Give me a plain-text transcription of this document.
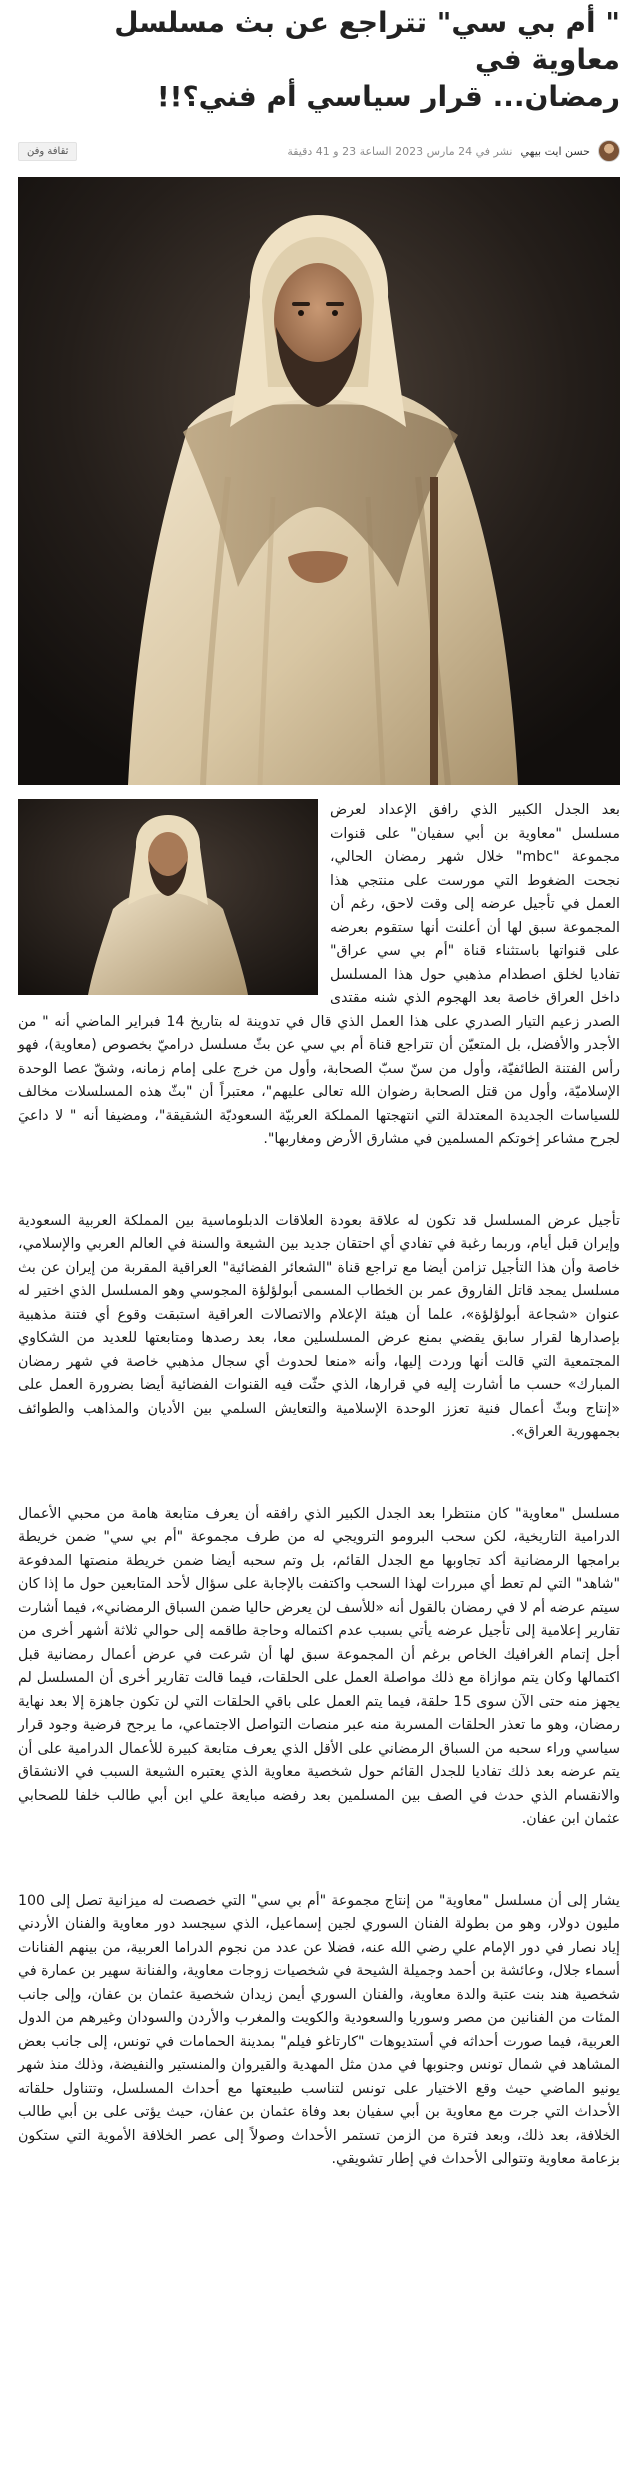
" أم بي سي" تتراجع عن بث مسلسل معاوية في
رمضان... قرار سياسي أم فني؟!!
حسن ايت بيهي
نشر في 24 مارس 2023 الساعة 23 و 41 دقيقة
ثقافة وفن

بعد الجدل الكبير الذي رافق الإعداد لعرض مسلسل "معاوية بن أبي سفيان" على قنوات مجموعة "mbc" خلال شهر رمضان الحالي، نجحت الضغوط التي مورست على منتجي هذا العمل في تأجيل عرضه إلى وقت لاحق، رغم أن المجموعة سبق لها أن أعلنت أنها ستقوم بعرضه على قنواتها باستثناء قناة "أم بي سي عراق" تفاديا لخلق اصطدام مذهبي حول هذا المسلسل داخل العراق خاصة بعد الهجوم الذي شنه مقتدى الصدر زعيم التيار الصدري على هذا العمل الذي قال في تدوينة له بتاريخ 14 فبراير الماضي أنه " من الأجدر والأفضل، بل المتعيّن أن تتراجع قناة أم بي سي عن بثّ مسلسل دراميّ بخصوص (معاوية)، فهو رأس الفتنة الطائفيّة، وأول من سنّ سبّ الصحابة، وأول من خرج على إمام زمانه، وشقّ عصا الوحدة الإسلاميّة، وأول من قتل الصحابة رضوان الله تعالى عليهم"، معتبراً أن "بثّ هذه المسلسلات مخالف للسياسات الجديدة المعتدلة التي انتهجتها المملكة العربيّة السعوديّة الشقيقة"، ومضيفا أنه " لا داعيَ لجرح مشاعر إخوتكم المسلمين في مشارق الأرض ومغاربها".

تأجيل عرض المسلسل قد تكون له علاقة بعودة العلاقات الدبلوماسية بين المملكة العربية السعودية وإيران قبل أيام، وربما رغبة في تفادي أي احتقان جديد بين الشيعة والسنة في العالم العربي والإسلامي، خاصة وأن هذا التأجيل تزامن أيضا مع تراجع قناة "الشعائر الفضائية" العراقية المقربة من إيران عن بث مسلسل يمجد قاتل الفاروق عمر بن الخطاب المسمى أبولؤلؤة المجوسي وهو المسلسل الذي اختير له عنوان «شجاعة أبولؤلؤة»، علما أن هيئة الإعلام والاتصالات العراقية استبقت وقوع أي فتنة مذهبية بإصدارها لقرار سابق يقضي بمنع عرض المسلسلين معا، بعد رصدها ومتابعتها للعديد من الشكاوي المجتمعية التي قالت أنها وردت إليها، وأنه «منعا لحدوث أي سجال مذهبي خاصة في شهر رمضان المبارك» حسب ما أشارت إليه في قرارها، الذي حثّت فيه القنوات الفضائية أيضا بضرورة العمل على «إنتاج وبثّ أعمال فنية تعزز الوحدة الإسلامية والتعايش السلمي بين الأديان والمذاهب والطوائف بجمهورية العراق».

مسلسل "معاوية" كان منتظرا بعد الجدل الكبير الذي رافقه أن يعرف متابعة هامة من محبي الأعمال الدرامية التاريخية، لكن سحب البرومو الترويجي له من طرف مجموعة "أم بي سي" ضمن خريطة برامجها الرمضانية أكد تجاوبها مع الجدل القائم، بل وتم سحبه أيضا ضمن خريطة منصتها المدفوعة "شاهد" التي لم تعط أي مبررات لهذا السحب واكتفت بالإجابة على سؤال لأحد المتابعين حول ما إذا كان سيتم عرضه أم لا في رمضان بالقول أنه «للأسف لن يعرض حاليا ضمن السباق الرمضاني»، فيما أشارت تقارير إعلامية إلى تأجيل عرضه يأتي بسبب عدم اكتماله وحاجة طاقمه إلى حوالي ثلاثة أشهر أخرى من أجل إتمام الغرافيك الخاص برغم أن المجموعة سبق لها أن شرعت في عرض أعمال رمضانية قبل اكتمالها وكان يتم موازاة مع ذلك مواصلة العمل على الحلقات، فيما قالت تقارير أخرى أن المسلسل لم يجهز منه حتى الآن سوى 15 حلقة، فيما يتم العمل على باقي الحلقات التي لن تكون جاهزة إلا بعد نهاية رمضان، وهو ما تعذر الحلقات المسربة منه عبر منصات التواصل الاجتماعي، ما يرجح فرضية وجود قرار سياسي وراء سحبه من السباق الرمضاني على الأقل الذي يعرف متابعة كبيرة للأعمال الدرامية على أن يتم عرضه بعد ذلك تفاديا للجدل القائم حول شخصية معاوية الذي يعتبره الشيعة السبب في الانشقاق والانقسام الذي حدث في الصف بين المسلمين بعد رفضه مبايعة علي ابن أبي طالب خلفا للصحابي عثمان ابن عفان.

يشار إلى أن مسلسل "معاوية" من إنتاج مجموعة "أم بي سي" التي خصصت له ميزانية تصل إلى 100 مليون دولار، وهو من بطولة الفنان السوري لجين إسماعيل، الذي سيجسد دور معاوية والفنان الأردني إياد نصار في دور الإمام علي رضي الله عنه، فضلا عن عدد من نجوم الدراما العربية، من بينهم الفنانات أسماء جلال، وعائشة بن أحمد وجميلة الشيحة في شخصيات زوجات معاوية، والفنانة سهير بن عمارة في شخصية هند بنت عتبة والدة معاوية، والفنان السوري أيمن زيدان شخصية عثمان بن عفان، وإلى جانب المئات من الفنانين من مصر وسوريا والسعودية والكويت والمغرب والأردن والسودان وغيرهم من الدول العربية، فيما صورت أحداثه في أستديوهات "كارتاغو فيلم" بمدينة الحمامات في تونس، إلى جانب بعض المشاهد في شمال تونس وجنوبها في مدن مثل المهدية والقيروان والمنستير والنفيضة، وذلك منذ شهر يونيو الماضي حيث وقع الاختيار على تونس لتناسب طبيعتها مع أحداث المسلسل، وتتناول حلقاته الأحداث التي جرت مع معاوية بن أبي سفيان بعد وفاة عثمان بن عفان، حيث يؤتى على بن أبي طالب الخلافة، بعد ذلك، وبعد فترة من الزمن تستمر الأحداث وصولاً إلى عصر الخلافة الأموية التي ستكون بزعامة معاوية وتتوالى الأحداث في إطار تشويقي.
